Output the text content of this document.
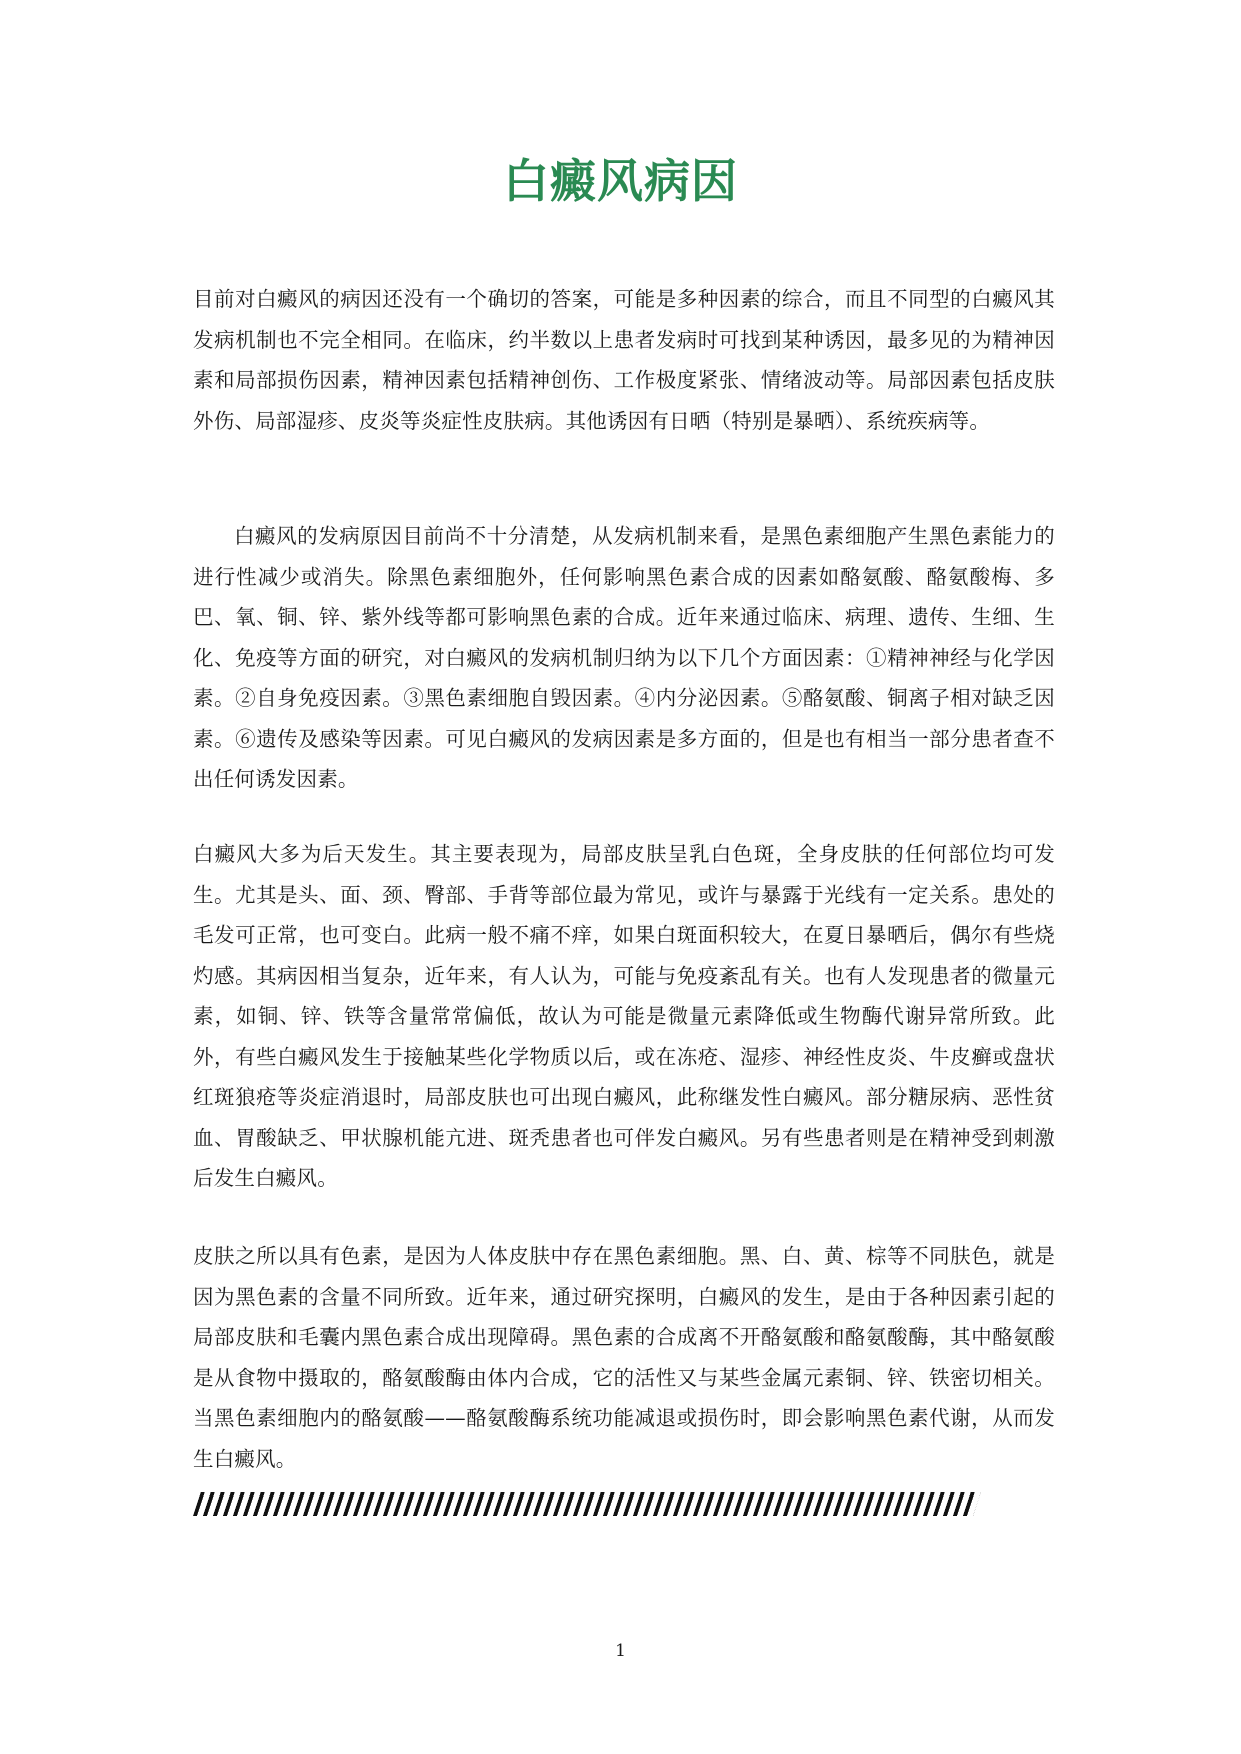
白癜风病因

目前对白癜风的病因还没有一个确切的答案，可能是多种因素的综合，而且不同型的白癜风其发病机制也不完全相同。在临床，约半数以上患者发病时可找到某种诱因，最多见的为精神因素和局部损伤因素，精神因素包括精神创伤、工作极度紧张、情绪波动等。局部因素包括皮肤外伤、局部湿疹、皮炎等炎症性皮肤病。其他诱因有日晒（特别是暴晒）、系统疾病等。

白癜风的发病原因目前尚不十分清楚，从发病机制来看，是黑色素细胞产生黑色素能力的进行性减少或消失。除黑色素细胞外，任何影响黑色素合成的因素如酪氨酸、酪氨酸梅、多巴、氧、铜、锌、紫外线等都可影响黑色素的合成。近年来通过临床、病理、遗传、生细、生化、免疫等方面的研究，对白癜风的发病机制归纳为以下几个方面因素：①精神神经与化学因素。②自身免疫因素。③黑色素细胞自毁因素。④内分泌因素。⑤酪氨酸、铜离子相对缺乏因素。⑥遗传及感染等因素。可见白癜风的发病因素是多方面的，但是也有相当一部分患者查不出任何诱发因素。

白癜风大多为后天发生。其主要表现为，局部皮肤呈乳白色斑，全身皮肤的任何部位均可发生。尤其是头、面、颈、臀部、手背等部位最为常见，或许与暴露于光线有一定关系。患处的毛发可正常，也可变白。此病一般不痛不痒，如果白斑面积较大，在夏日暴晒后，偶尔有些烧灼感。其病因相当复杂，近年来，有人认为，可能与免疫紊乱有关。也有人发现患者的微量元素，如铜、锌、铁等含量常常偏低，故认为可能是微量元素降低或生物酶代谢异常所致。此外，有些白癜风发生于接触某些化学物质以后，或在冻疮、湿疹、神经性皮炎、牛皮癣或盘状红斑狼疮等炎症消退时，局部皮肤也可出现白癜风，此称继发性白癜风。部分糖尿病、恶性贫血、胃酸缺乏、甲状腺机能亢进、斑秃患者也可伴发白癜风。另有些患者则是在精神受到刺激后发生白癜风。

皮肤之所以具有色素，是因为人体皮肤中存在黑色素细胞。黑、白、黄、棕等不同肤色，就是因为黑色素的含量不同所致。近年来，通过研究探明，白癜风的发生，是由于各种因素引起的局部皮肤和毛囊内黑色素合成出现障碍。黑色素的合成离不开酪氨酸和酪氨酸酶，其中酪氨酸是从食物中摄取的，酪氨酸酶由体内合成，它的活性又与某些金属元素铜、锌、铁密切相关。当黑色素细胞内的酪氨酸——酪氨酸酶系统功能减退或损伤时，即会影响黑色素代谢，从而发生白癜风。

1
